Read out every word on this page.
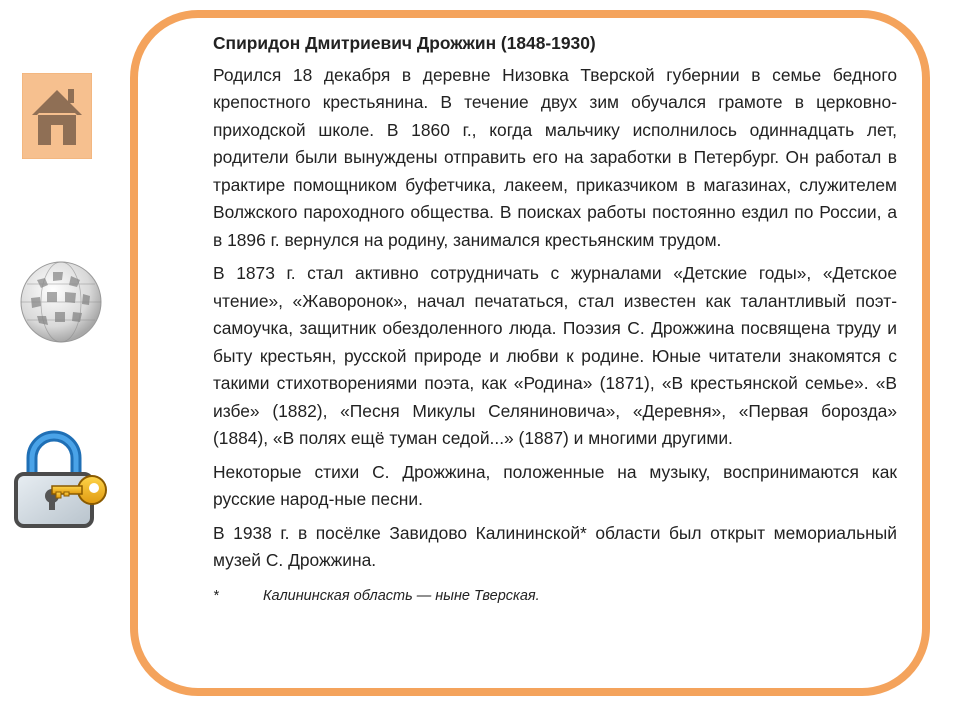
Спиридон Дмитриевич Дрожжин (1848-1930)

Родился 18 декабря в деревне Низовка Тверской губернии в семье бедного крепостного крестьянина. В течение двух зим обучался грамоте в церковно-приходской школе. В 1860 г., когда мальчику исполнилось одиннадцать лет, родители были вынуждены отправить его на заработки в Петербург. Он работал в трактире помощником буфетчика, лакеем, приказчиком в магазинах, служителем Волжского пароходного общества. В поисках работы постоянно ездил по России, а в 1896 г. вернулся на родину, занимался крестьянским трудом.

В 1873 г. стал активно сотрудничать с журналами «Детские годы», «Детское чтение», «Жаворонок», начал печататься, стал известен как талантливый поэт-самоучка, защитник обездоленного люда. Поэзия С. Дрожжина посвящена труду и быту крестьян, русской природе и любви к родине. Юные читатели знакомятся с такими стихотворениями поэта, как «Родина» (1871), «В крестьянской семье». «В избе» (1882), «Песня Микулы Селяниновича», «Деревня», «Первая борозда» (1884), «В полях ещё туман седой...» (1887) и многими другими.

Некоторые стихи С. Дрожжина, положенные на музыку, воспринимаются как русские народ-ные песни.

В 1938 г. в посёлке Завидово Калининской* области был открыт мемориальный музей С. Дрожжина.

*	Калининская область — ныне Тверская.
